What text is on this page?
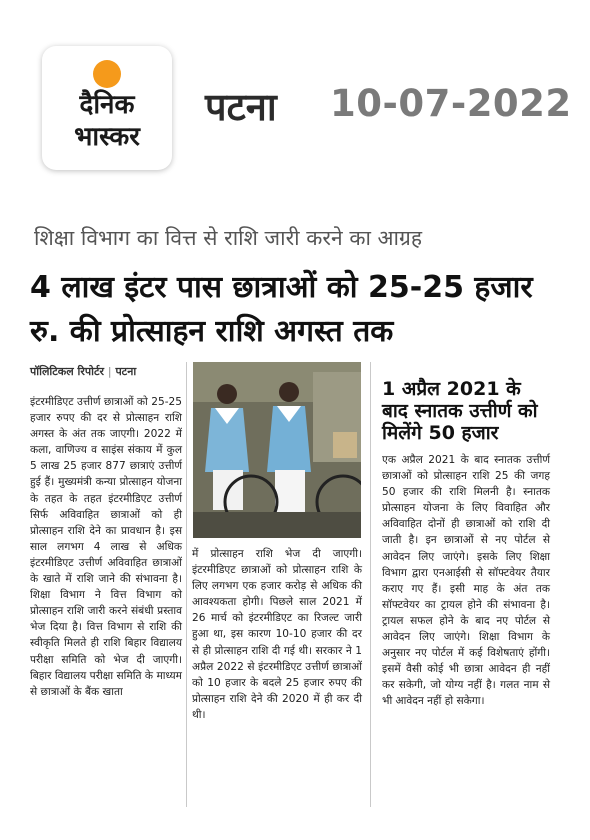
दैनिक
भास्कर
पटना 10-07-2022
शिक्षा विभाग का वित्त से राशि जारी करने का आग्रह
4 लाख इंटर पास छात्राओं को 25-25 हजार रु. की प्रोत्साहन राशि अगस्त तक
पॉलिटिकल रिपोर्टर | पटना
इंटरमीडिएट उत्तीर्ण छात्राओं को 25-25 हजार रुपए की दर से प्रोत्साहन राशि अगस्त के अंत तक जाएगी। 2022 में कला, वाणिज्य व साइंस संकाय में कुल 5 लाख 25 हजार 877 छात्राएं उत्तीर्ण हुई हैं। मुख्यमंत्री कन्या प्रोत्साहन योजना के तहत के तहत इंटरमीडिएट उत्तीर्ण सिर्फ अविवाहित छात्राओं को ही प्रोत्साहन राशि देने का प्रावधान है। इस साल लगभग 4 लाख से अधिक इंटरमीडिएट उत्तीर्ण अविवाहित छात्राओं के खाते में राशि जाने की संभावना है। शिक्षा विभाग ने वित्त विभाग को प्रोत्साहन राशि जारी करने संबंधी प्रस्ताव भेज दिया है। वित्त विभाग से राशि की स्वीकृति मिलते ही राशि बिहार विद्यालय परीक्षा समिति को भेज दी जाएगी। बिहार विद्यालय परीक्षा समिति के माध्यम से छात्राओं के बैंक खाता
में प्रोत्साहन राशि भेज दी जाएगी। इंटरमीडिएट छात्राओं को प्रोत्साहन राशि के लिए लगभग एक हजार करोड़ से अधिक की आवश्यकता होगी। पिछले साल 2021 में 26 मार्च को इंटरमीडिएट का रिजल्ट जारी हुआ था, इस कारण 10-10 हजार की दर से ही प्रोत्साहन राशि दी गई थी। सरकार ने 1 अप्रैल 2022 से इंटरमीडिएट उत्तीर्ण छात्राओं को 10 हजार के बदले 25 हजार रुपए की प्रोत्साहन राशि देने की 2020 में ही कर दी थी।
1 अप्रैल 2021 के बाद स्नातक उत्तीर्ण को मिलेंगे 50 हजार
एक अप्रैल 2021 के बाद स्नातक उत्तीर्ण छात्राओं को प्रोत्साहन राशि 25 की जगह 50 हजार की राशि मिलनी है। स्नातक प्रोत्साहन योजना के लिए विवाहित और अविवाहित दोनों ही छात्राओं को राशि दी जाती है। इन छात्राओं से नए पोर्टल से आवेदन लिए जाएंगे। इसके लिए शिक्षा विभाग द्वारा एनआईसी से सॉफ्टवेयर तैयार कराए गए हैं। इसी माह के अंत तक सॉफ्टवेयर का ट्रायल होने की संभावना है। ट्रायल सफल होने के बाद नए पोर्टल से आवेदन लिए जाएंगे। शिक्षा विभाग के अनुसार नए पोर्टल में कई विशेषताएं होंगी। इसमें वैसी कोई भी छात्रा आवेदन ही नहीं कर सकेगी, जो योग्य नहीं है। गलत नाम से भी आवेदन नहीं हो सकेगा।
